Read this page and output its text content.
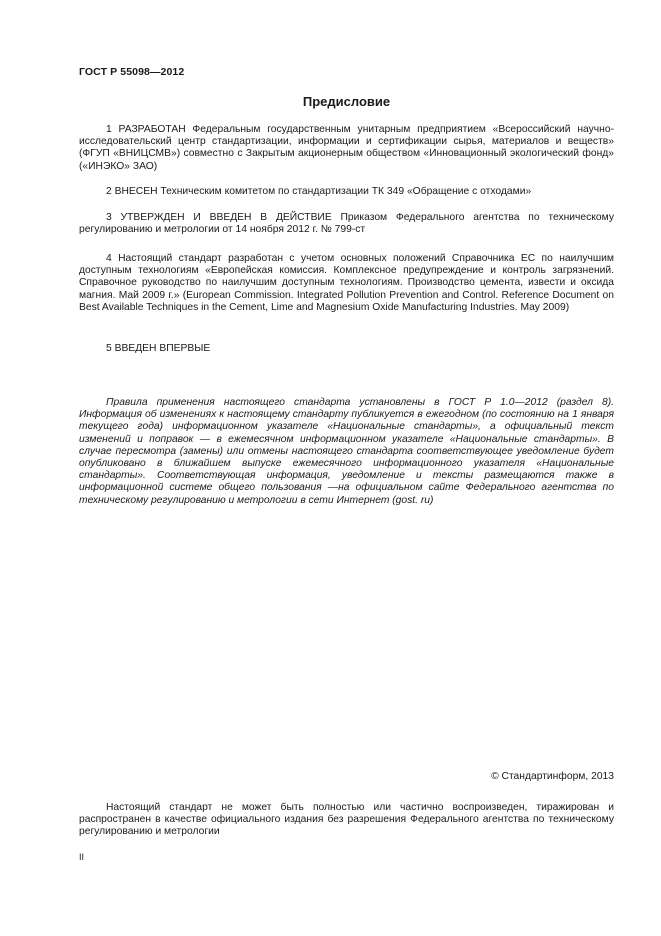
ГОСТ Р 55098—2012
Предисловие

1 РАЗРАБОТАН Федеральным государственным унитарным предприятием «Всероссийский научно-исследовательский центр стандартизации, информации и сертификации сырья, материалов и веществ» (ФГУП «ВНИЦСМВ») совместно с Закрытым акционерным обществом «Инновационный экологический фонд» («ИНЭКО» ЗАО)

2 ВНЕСЕН Техническим комитетом по стандартизации ТК 349 «Обращение с отходами»

3 УТВЕРЖДЕН И ВВЕДЕН В ДЕЙСТВИЕ Приказом Федерального агентства по техническому регулированию и метрологии от 14 ноября 2012 г. № 799-ст

4 Настоящий стандарт разработан с учетом основных положений Справочника ЕС по наилучшим доступным технологиям «Европейская комиссия. Комплексное предупреждение и контроль загрязнений. Справочное руководство по наилучшим доступным технологиям. Производство цемента, извести и оксида магния. Май 2009 г.» (European Commission. Integrated Pollution Prevention and Control. Reference Document on Best Available Techniques in the Cement, Lime and Magnesium Oxide Manufacturing Industries. May 2009)

5 ВВЕДЕН ВПЕРВЫЕ

Правила применения настоящего стандарта установлены в ГОСТ Р 1.0—2012 (раздел 8). Информация об изменениях к настоящему стандарту публикуется в ежегодном (по состоянию на 1 января текущего года) информационном указателе «Национальные стандарты», а официальный текст изменений и поправок — в ежемесячном информационном указателе «Национальные стандарты». В случае пересмотра (замены) или отмены настоящего стандарта соответствующее уведомление будет опубликовано в ближайшем выпуске ежемесячного информационного указателя «Национальные стандарты». Соответствующая информация, уведомление и тексты размещаются также в информационной системе общего пользования —на официальном сайте Федерального агентства по техническому регулированию и метрологии в сети Интернет (gost. ru)

© Стандартинформ, 2013

Настоящий стандарт не может быть полностью или частично воспроизведен, тиражирован и распространен в качестве официального издания без разрешения Федерального агентства по техническому регулированию и метрологии

II
